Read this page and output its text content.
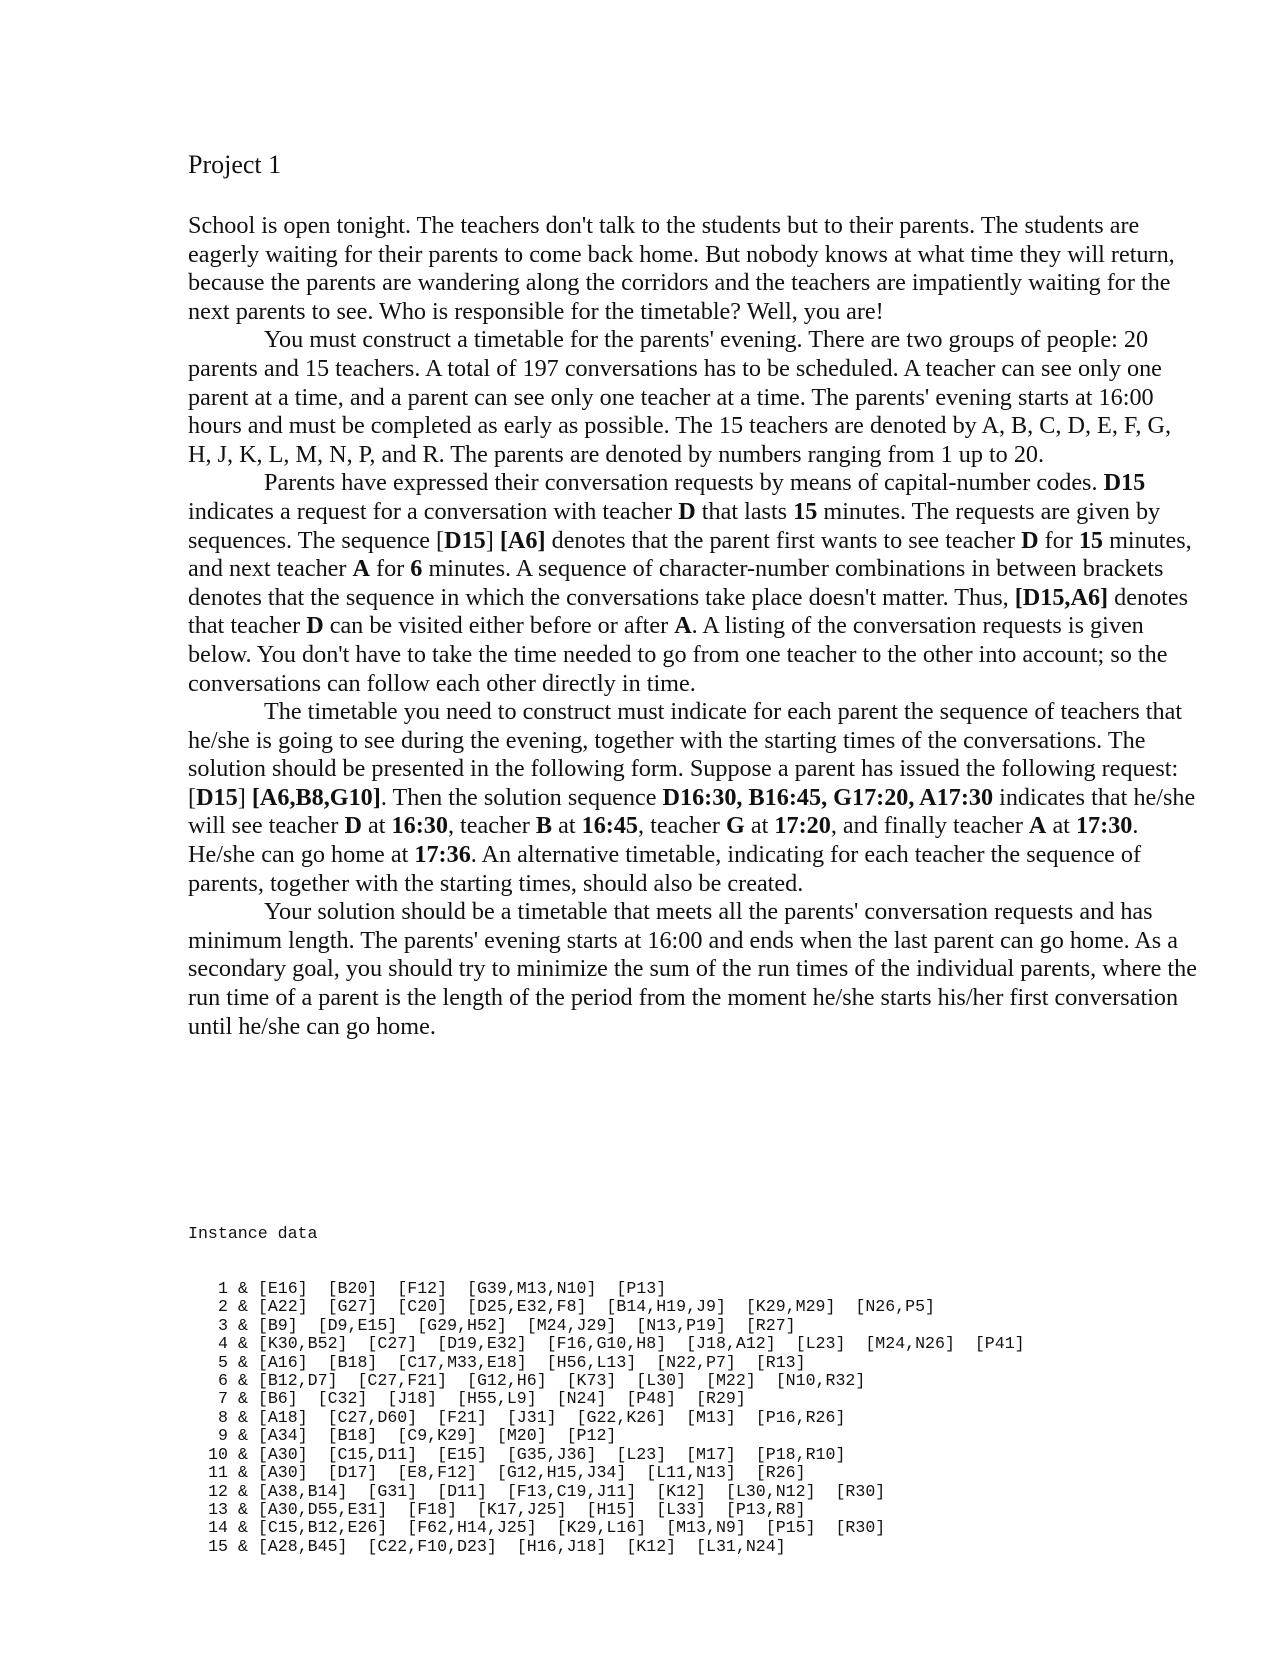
Project 1

School is open tonight. The teachers don't talk to the students but to their parents. The students are eagerly waiting for their parents to come back home. But nobody knows at what time they will return, because the parents are wandering along the corridors and the teachers are impatiently waiting for the next parents to see. Who is responsible for the timetable? Well, you are!

You must construct a timetable for the parents' evening. There are two groups of people: 20 parents and 15 teachers. A total of 197 conversations has to be scheduled. A teacher can see only one parent at a time, and a parent can see only one teacher at a time. The parents' evening starts at 16:00 hours and must be completed as early as possible. The 15 teachers are denoted by A, B, C, D, E, F, G, H, J, K, L, M, N, P, and R. The parents are denoted by numbers ranging from 1 up to 20.

Parents have expressed their conversation requests by means of capital-number codes. D15 indicates a request for a conversation with teacher D that lasts 15 minutes. The requests are given by sequences. The sequence [D15] [A6] denotes that the parent first wants to see teacher D for 15 minutes, and next teacher A for 6 minutes. A sequence of character-number combinations in between brackets denotes that the sequence in which the conversations take place doesn't matter. Thus, [D15,A6] denotes that teacher D can be visited either before or after A. A listing of the conversation requests is given below. You don't have to take the time needed to go from one teacher to the other into account; so the conversations can follow each other directly in time.

The timetable you need to construct must indicate for each parent the sequence of teachers that he/she is going to see during the evening, together with the starting times of the conversations. The solution should be presented in the following form. Suppose a parent has issued the following request: [D15] [A6,B8,G10]. Then the solution sequence D16:30, B16:45, G17:20, A17:30 indicates that he/she will see teacher D at 16:30, teacher B at 16:45, teacher G at 17:20, and finally teacher A at 17:30. He/she can go home at 17:36. An alternative timetable, indicating for each teacher the sequence of parents, together with the starting times, should also be created.

Your solution should be a timetable that meets all the parents' conversation requests and has minimum length. The parents' evening starts at 16:00 and ends when the last parent can go home. As a secondary goal, you should try to minimize the sum of the run times of the individual parents, where the run time of a parent is the length of the period from the moment he/she starts his/her first conversation until he/she can go home.

Instance data

1 & [E16]  [B20]  [F12]  [G39,M13,N10]  [P13]
2 & [A22]  [G27]  [C20]  [D25,E32,F8]  [B14,H19,J9]  [K29,M29]  [N26,P5]
3 & [B9]  [D9,E15]  [G29,H52]  [M24,J29]  [N13,P19]  [R27]
4 & [K30,B52]  [C27]  [D19,E32]  [F16,G10,H8]  [J18,A12]  [L23]  [M24,N26]  [P41]
5 & [A16]  [B18]  [C17,M33,E18]  [H56,L13]  [N22,P7]  [R13]
6 & [B12,D7]  [C27,F21]  [G12,H6]  [K73]  [L30]  [M22]  [N10,R32]
7 & [B6]  [C32]  [J18]  [H55,L9]  [N24]  [P48]  [R29]
8 & [A18]  [C27,D60]  [F21]  [J31]  [G22,K26]  [M13]  [P16,R26]
9 & [A34]  [B18]  [C9,K29]  [M20]  [P12]
10 & [A30]  [C15,D11]  [E15]  [G35,J36]  [L23]  [M17]  [P18,R10]
11 & [A30]  [D17]  [E8,F12]  [G12,H15,J34]  [L11,N13]  [R26]
12 & [A38,B14]  [G31]  [D11]  [F13,C19,J11]  [K12]  [L30,N12]  [R30]
13 & [A30,D55,E31]  [F18]  [K17,J25]  [H15]  [L33]  [P13,R8]
14 & [C15,B12,E26]  [F62,H14,J25]  [K29,L16]  [M13,N9]  [P15]  [R30]
15 & [A28,B45]  [C22,F10,D23]  [H16,J18]  [K12]  [L31,N24]
